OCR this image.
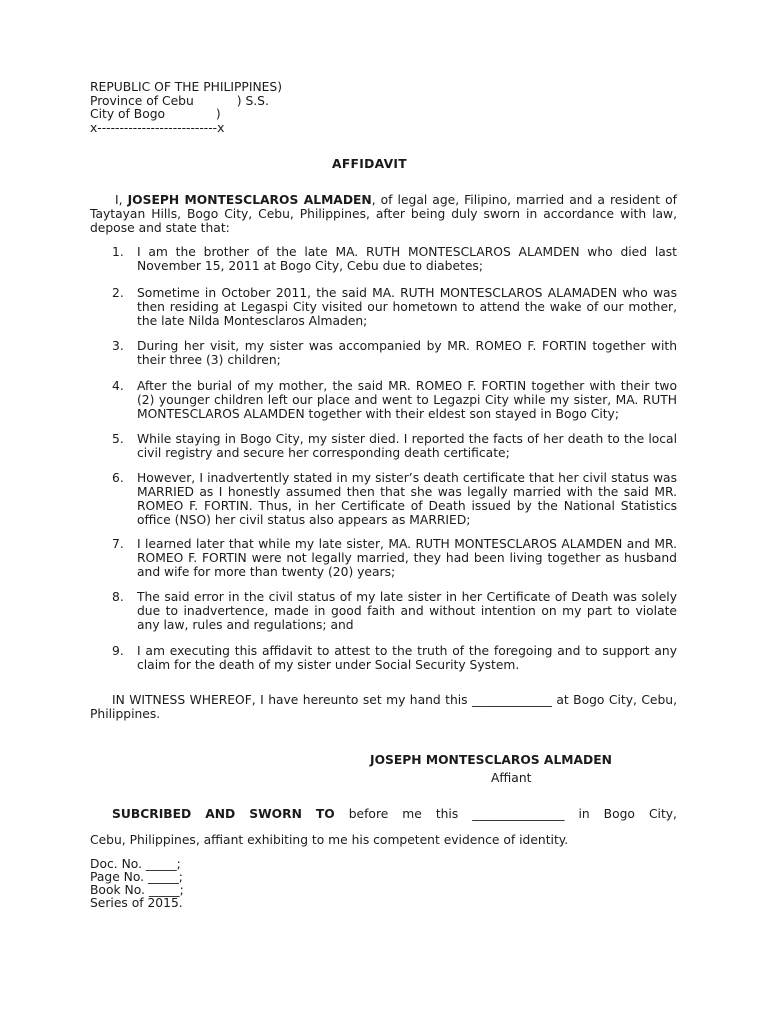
REPUBLIC OF THE PHILIPPINES)
Province of Cebu           ) S.S.
City of Bogo             )
x---------------------------x
AFFIDAVIT
I, JOSEPH MONTESCLAROS ALMADEN, of legal age, Filipino, married and a resident of Taytayan Hills, Bogo City, Cebu, Philippines, after being duly sworn in accordance with law, depose and state that:
1. I am the brother of the late MA. RUTH MONTESCLAROS ALAMDEN who died last November 15, 2011 at Bogo City, Cebu due to diabetes;
2. Sometime in October 2011, the said MA. RUTH MONTESCLAROS ALAMADEN who was then residing at Legaspi City visited our hometown to attend the wake of our mother, the late Nilda Montesclaros Almaden;
3. During her visit, my sister was accompanied by MR. ROMEO F. FORTIN together with their three (3) children;
4. After the burial of my mother, the said MR. ROMEO F. FORTIN together with their two (2) younger children left our place and went to Legazpi City while my sister, MA. RUTH MONTESCLAROS ALAMDEN together with their eldest son stayed in Bogo City;
5. While staying in Bogo City, my sister died. I reported the facts of her death to the local civil registry and secure her corresponding death certificate;
6. However, I inadvertently stated in my sister’s death certificate that her civil status was MARRIED as I honestly assumed then that she was legally married with the said MR. ROMEO F. FORTIN. Thus, in her Certificate of Death issued by the National Statistics office (NSO) her civil status also appears as MARRIED;
7. I learned later that while my late sister, MA. RUTH MONTESCLAROS ALAMDEN and MR. ROMEO F. FORTIN were not legally married, they had been living together as husband and wife for more than twenty (20) years;
8. The said error in the civil status of my late sister in her Certificate of Death was solely due to inadvertence, made in good faith and without intention on my part to violate any law, rules and regulations; and
9. I am executing this affidavit to attest to the truth of the foregoing and to support any claim for the death of my sister under Social Security System.
IN WITNESS WHEREOF, I have hereunto set my hand this _____________ at Bogo City, Cebu, Philippines.
JOSEPH MONTESCLAROS ALMADEN
Affiant
SUBCRIBED AND SWORN TO before me this _______________ in Bogo City,
Cebu, Philippines, affiant exhibiting to me his competent evidence of identity.
Doc. No. _____;
Page No. _____;
Book No. _____;
Series of 2015.
